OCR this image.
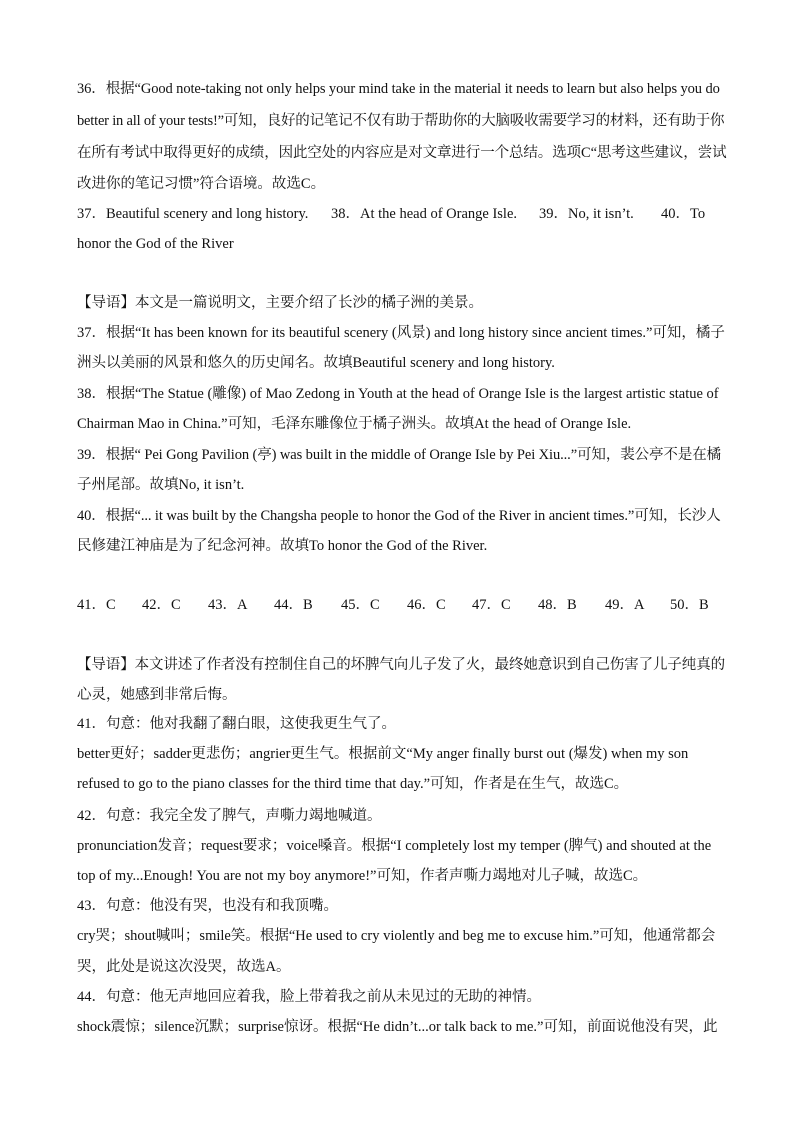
36．根据“Good note-taking not only helps your mind take in the material it needs to learn but also helps you do
better in all of your tests!”可知，良好的记笔记不仅有助于帮助你的大脑吸收需要学习的材料，还有助于你
在所有考试中取得更好的成绩，因此空处的内容应是对文章进行一个总结。选项C“思考这些建议，尝试
改进你的笔记习惯”符合语境。故选C。
37．Beautiful scenery and long history. 38．At the head of Orange Isle. 39．No, it isn’t. 40．To
honor the God of the River
【导语】本文是一篇说明文，主要介绍了长沙的橘子洲的美景。
37．根据“It has been known for its beautiful scenery (风景) and long history since ancient times.”可知，橘子
洲头以美丽的风景和悠久的历史闻名。故填Beautiful scenery and long history.
38．根据“The Statue (雕像) of Mao Zedong in Youth at the head of Orange Isle is the largest artistic statue of
Chairman Mao in China.”可知，毛泽东雕像位于橘子洲头。故填At the head of Orange Isle.
39．根据“ Pei Gong Pavilion (亭) was built in the middle of Orange Isle by Pei Xiu...”可知，裴公亭不是在橘
子州尾部。故填No, it isn’t.
40．根据“... it was built by the Changsha people to honor the God of the River in ancient times.”可知，长沙人
民修建江神庙是为了纪念河神。故填To honor the God of the River.
41．C 42．C 43．A 44．B 45．C 46．C 47．C 48．B 49．A 50．B
【导语】本文讲述了作者没有控制住自己的坏脾气向儿子发了火，最终她意识到自己伤害了儿子纯真的
心灵，她感到非常后悔。
41．句意：他对我翻了翻白眼，这使我更生气了。
better更好；sadder更悲伤；angrier更生气。根据前文“My anger finally burst out (爆发) when my son
refused to go to the piano classes for the third time that day.”可知，作者是在生气，故选C。
42．句意：我完全发了脾气，声嘶力竭地喊道。
pronunciation发音；request要求；voice嗓音。根据“I completely lost my temper (脾气) and shouted at the
top of my...Enough! You are not my boy anymore!”可知，作者声嘶力竭地对儿子喊，故选C。
43．句意：他没有哭，也没有和我顶嘴。
cry哭；shout喊叫；smile笑。根据“He used to cry violently and beg me to excuse him.”可知，他通常都会
哭，此处是说这次没哭，故选A。
44．句意：他无声地回应着我，脸上带着我之前从未见过的无助的神情。
shock震惊；silence沉默；surprise惊讶。根据“He didn’t...or talk back to me.”可知，前面说他没有哭，此
